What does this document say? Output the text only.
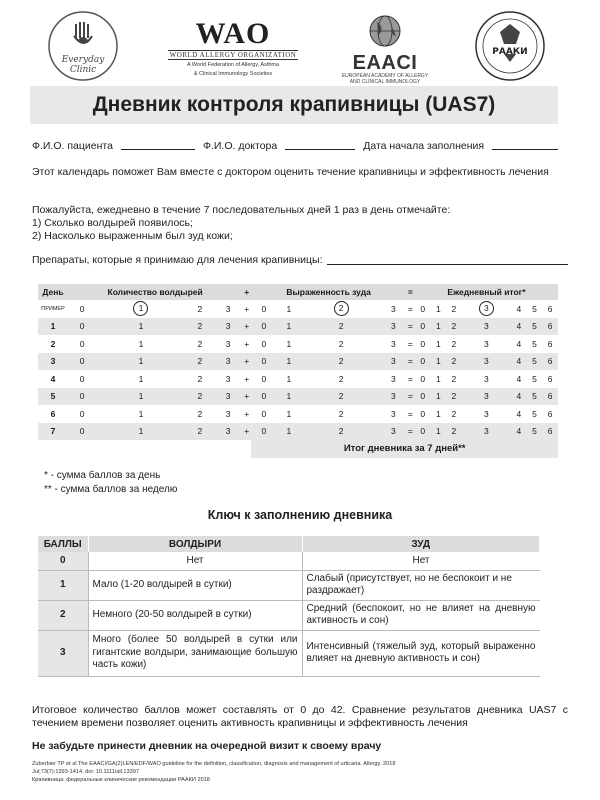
Everyday
Clinic
WAO
WORLD ALLERGY ORGANIZATION
A World Federation of Allergy, Asthma
& Clinical Immunology Societies	EAACI
EUROPEAN ACADEMY OF ALLERGY
AND CLINICAL IMMUNOLOGY
РААКИ
Дневник контроля крапивницы (UAS7)
Ф.И.О. пациента	Ф.И.О. доктора	Дата начала заполнения
Этот календарь поможет Вам вместе с доктором оценить течение крапивницы и эффективность лечения
Пожалуйста, ежедневно в течение 7 последовательных дней 1 раз в день отмечайте:
1) Сколько волдырей появилось;
2) Насколько выраженным был зуд кожи;
Препараты, которые я принимаю для лечения крапивницы:
День	Количество волдырей				+	Выраженность зуда				=	Ежедневный итог*						
ПРИМЕР	0	1	2	3	+	0	1	2	3	=	0	1	2	3	4	5	6
1	0	1	2	3	+	0	1	2	3	=	0	1	2	3	4	5	6
2	0	1	2	3	+	0	1	2	3	=	0	1	2	3	4	5	6
3	0	1	2	3	+	0	1	2	3	=	0	1	2	3	4	5	6
4	0	1	2	3	+	0	1	2	3	=	0	1	2	3	4	5	6
5	0	1	2	3	+	0	1	2	3	=	0	1	2	3	4	5	6
6	0	1	2	3	+	0	1	2	3	=	0	1	2	3	4	5	6
7	0	1	2	3	+	0	1	2	3	=	0	1	2	3	4	5	6
						Итог дневника за 7 дней**											
* - сумма баллов за день
** - сумма баллов за неделю
Ключ к заполнению дневника
БАЛЛЫ	ВОЛДЫРИ	ЗУД
0	Нет	Нет
1	Мало (1-20 волдырей в сутки)	Слабый (присутствует, но не беспокоит и не раздражает)
2	Немного (20-50 волдырей в сутки)	Средний (беспокоит, но не влияет на дневную активность и сон)
3	Много (более 50 волдырей в сутки или гигантские волдыри, занимающие большую часть кожи)	Интенсивный (тяжелый зуд, который выраженно влияет на дневную активность и сон)
Итоговое количество баллов может составлять от 0 до 42. Сравнение результатов дневника UAS7 с течением времени позволяет оценить активность крапивницы и эффективность лечения
Не забудьте принести дневник на очередной визит к своему врачу
Zuberbier TP et al The EAACI/GA(2)LEN/EDF/WAO guideline for the definition, classification, diagnosis and management of urticaria. Allergy. 2018
Jul;73(7):1393-1414. doi: 10.1111/all.13397
Крапивница: федеральные клинические рекомендации РААКИ 2018
